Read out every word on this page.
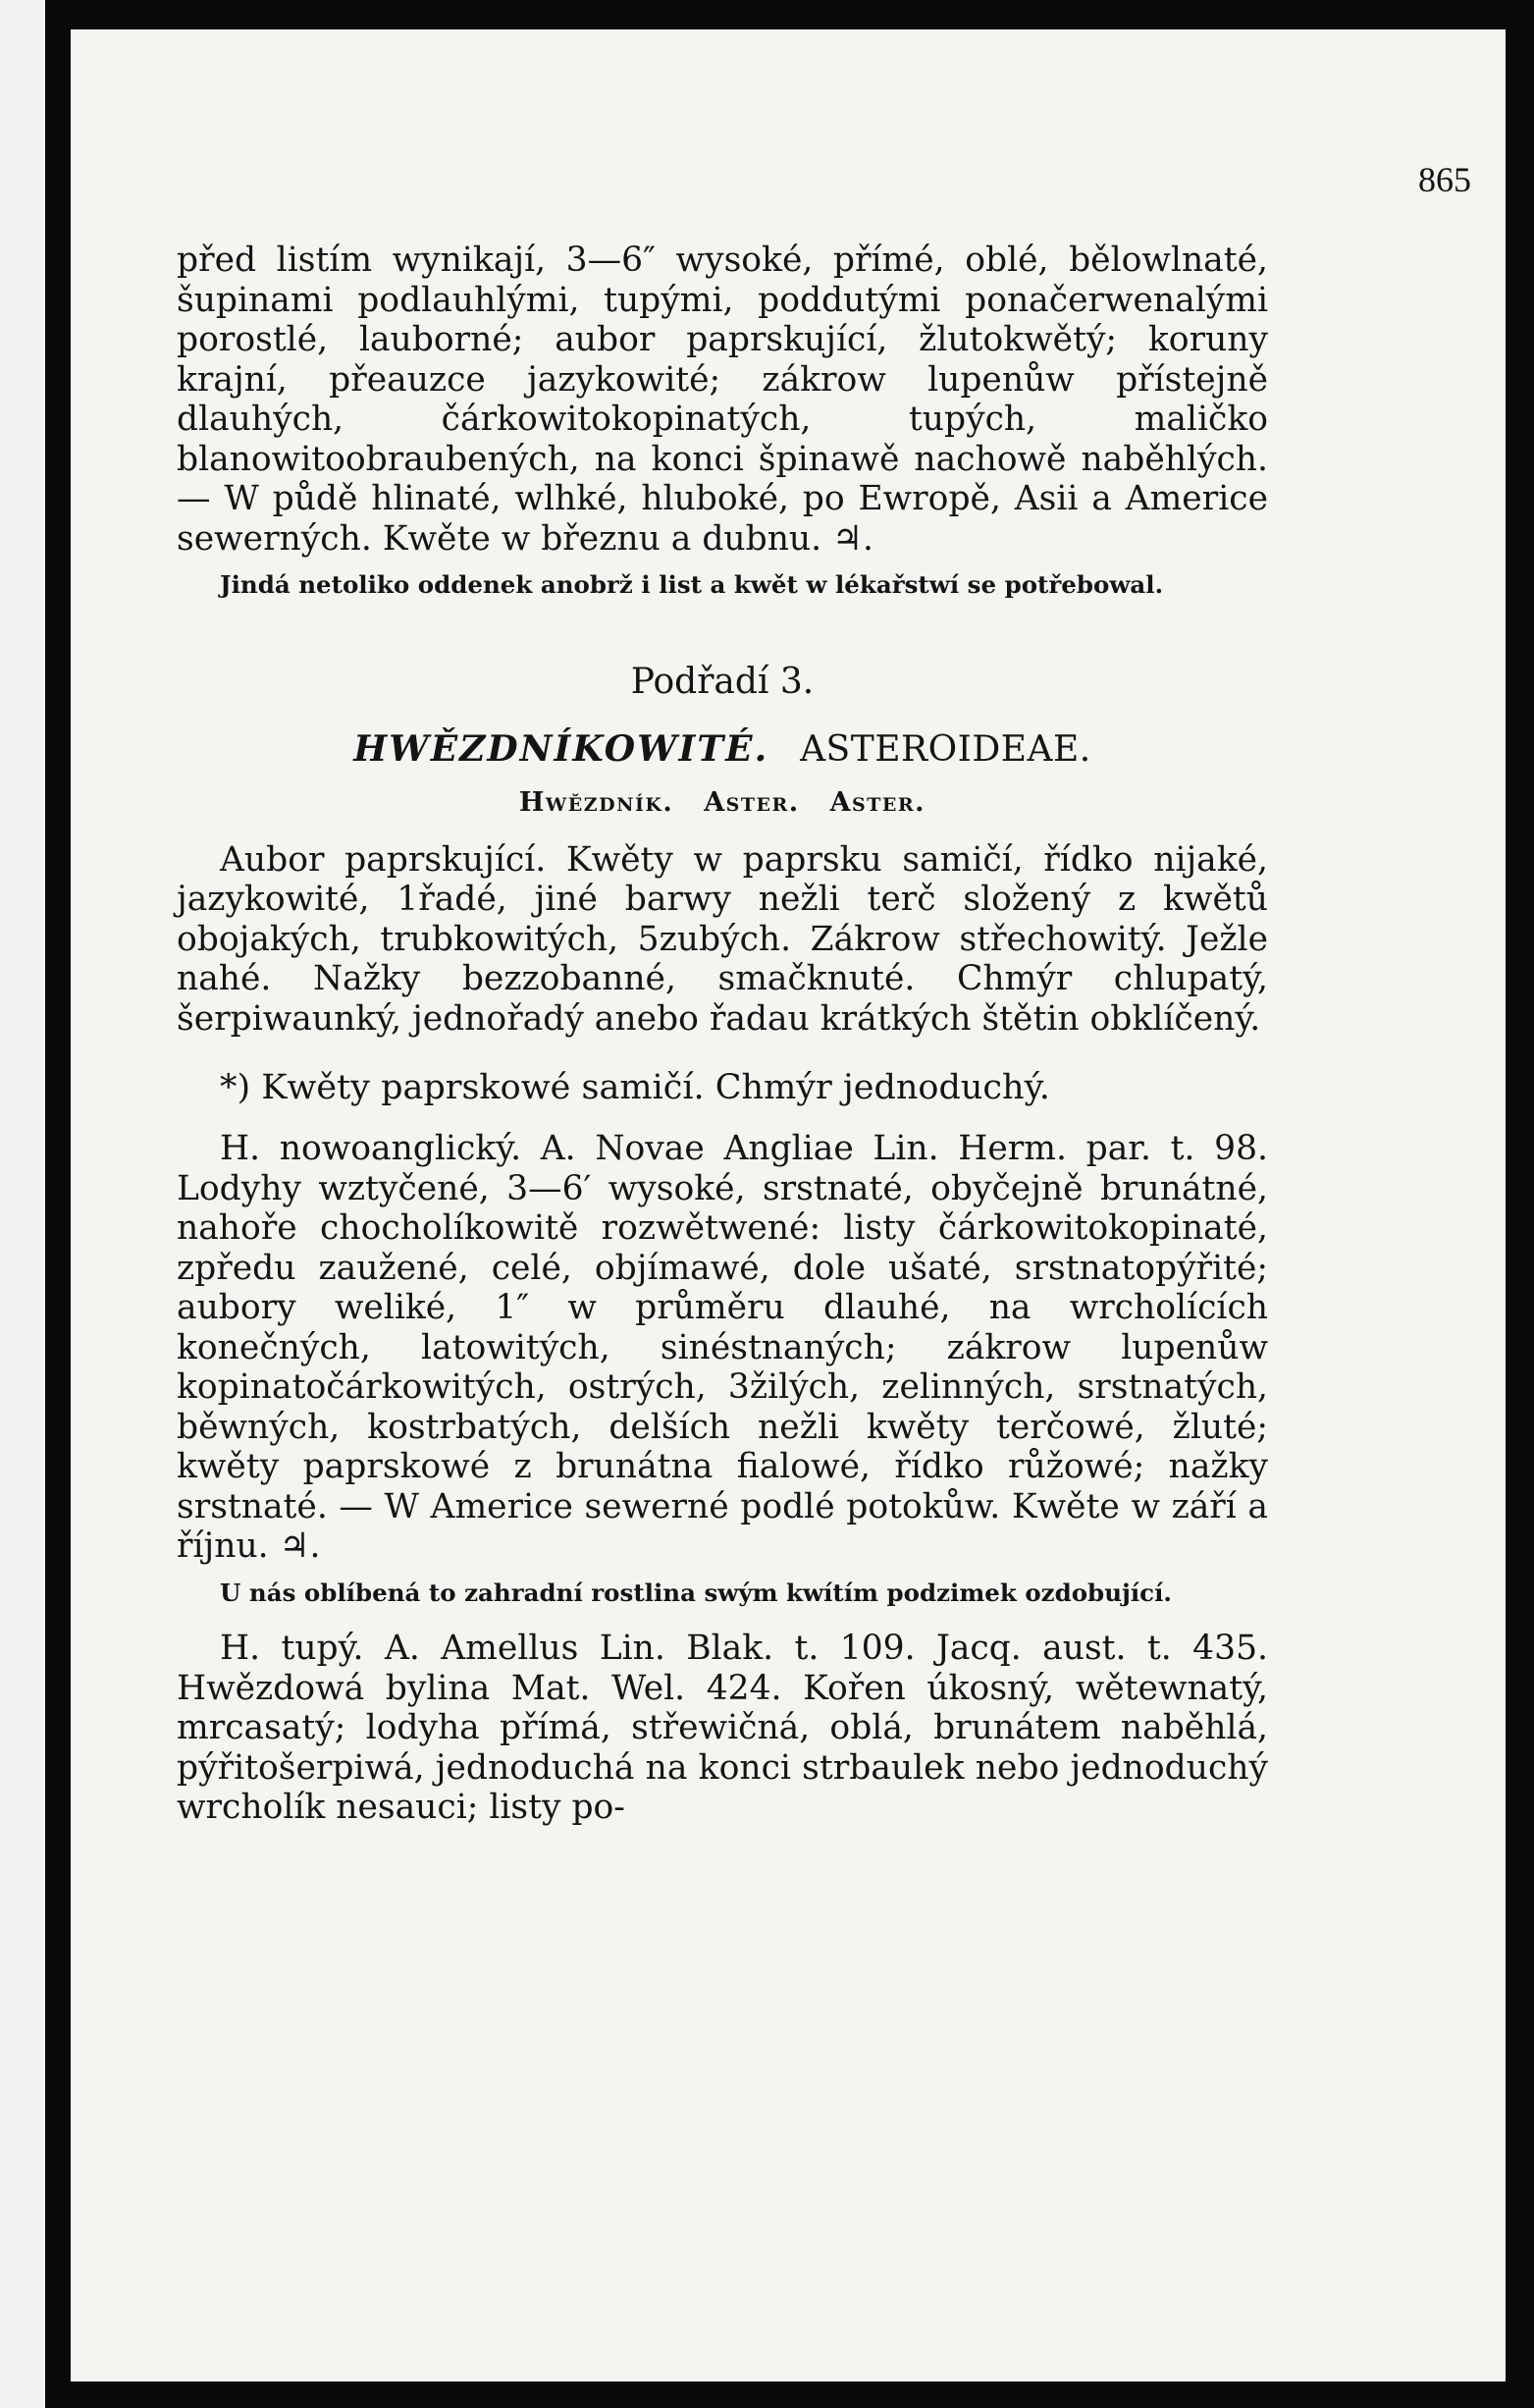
865

před listím wynikají, 3—6″ wysoké, přímé, oblé, bělowlnaté, šupinami podlauhlými, tupými, poddutými ponačerwenalými porostlé, lauborné; aubor paprskující, žlutokwětý; koruny krajní, přeauzce jazykowité; zákrow lupenůw přístejně dlauhých, čárkowitokopinatých, tupých, maličko blanowitoobraubených, na konci špinawě nachowě naběhlých. — W půdě hlinaté, wlhké, hluboké, po Ewropě, Asii a Americe sewerných. Kwěte w březnu a dubnu. ♃.

Jindá netoliko oddenek anobrž i list a kwět w lékařstwí se potřebowal.

Podřadí 3.

HWĚZDNÍKOWITÉ. ASTEROIDEAE.

Hwězdník. Aster. Aster.

Aubor paprskující. Kwěty w paprsku samičí, řídko nijaké, jazykowité, 1řadé, jiné barwy nežli terč složený z kwětů obojakých, trubkowitých, 5zubých. Zákrow střechowitý. Ježle nahé. Nažky bezzobanné, smačknuté. Chmýr chlupatý, šerpiwaunký, jednořadý anebo řadau krátkých štětin obklíčený.

*) Kwěty paprskowé samičí. Chmýr jednoduchý.

H. nowoanglický. A. Novae Angliae Lin. Herm. par. t. 98. Lodyhy wztyčené, 3—6′ wysoké, srstnaté, obyčejně brunátné, nahoře chocholíkowitě rozwětwené: listy čárkowitokopinaté, zpředu zaužené, celé, objímawé, dole ušaté, srstnatopýřité; aubory weliké, 1″ w průměru dlauhé, na wrcholících konečných, latowitých, sinéstnaných; zákrow lupenůw kopinatočárkowitých, ostrých, 3žilých, zelinných, srstnatých, běwných, kostrbatých, delších nežli kwěty terčowé, žluté; kwěty paprskowé z brunátna fialowé, řídko růžowé; nažky srstnaté. — W Americe sewerné podlé potokůw. Kwěte w září a říjnu. ♃.

U nás oblíbená to zahradní rostlina swým kwítím podzimek ozdobující.

H. tupý. A. Amellus Lin. Blak. t. 109. Jacq. aust. t. 435. Hwězdowá bylina Mat. Wel. 424. Kořen úkosný, wětewnatý, mrcasatý; lodyha přímá, střewičná, oblá, brunátem naběhlá, pýřitošerpiwá, jednoduchá na konci strbaulek nebo jednoduchý wrcholík nesauci; listy po-
